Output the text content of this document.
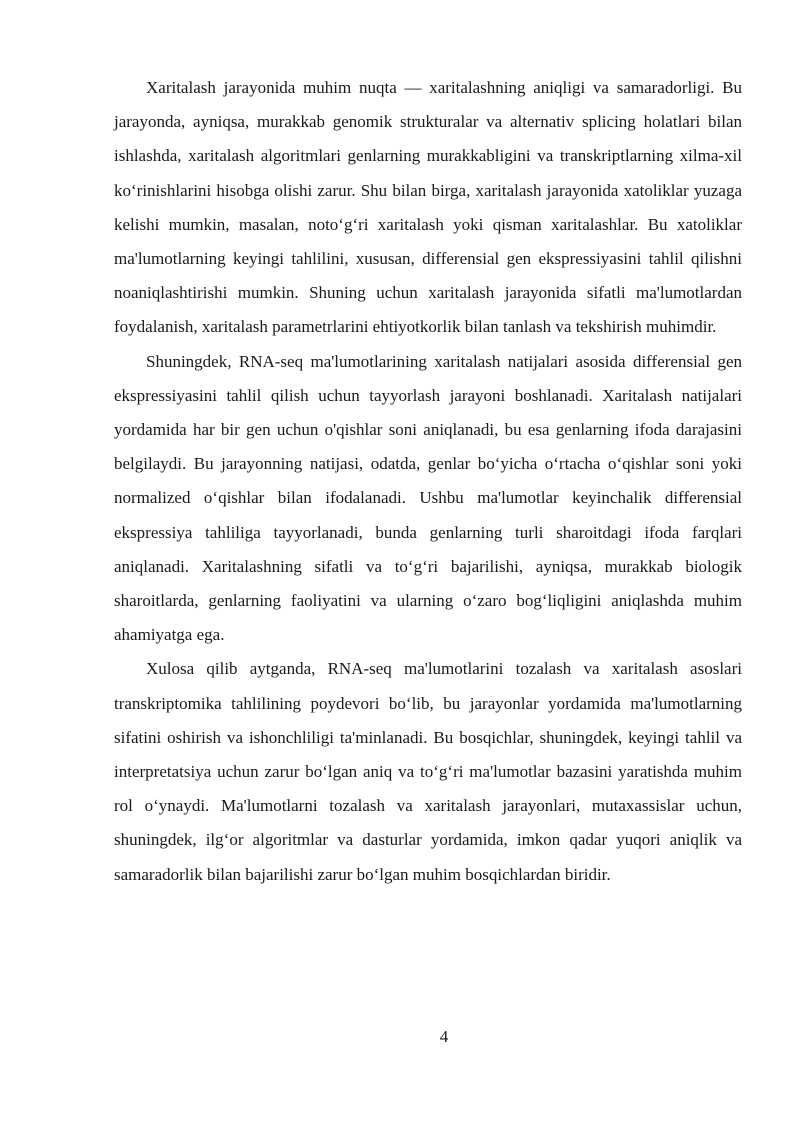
Xaritalash jarayonida muhim nuqta — xaritalashning aniqligi va samaradorligi. Bu jarayonda, ayniqsa, murakkab genomik strukturalar va alternativ splicing holatlari bilan ishlashda, xaritalash algoritmlari genlarning murakkabligini va transkriptlarning xilma-xil koʻrinishlarini hisobga olishi zarur. Shu bilan birga, xaritalash jarayonida xatoliklar yuzaga kelishi mumkin, masalan, notoʻgʻri xaritalash yoki qisman xaritalashlar. Bu xatoliklar ma'lumotlarning keyingi tahlilini, xususan, differensial gen ekspressiyasini tahlil qilishni noaniqlashtirishi mumkin. Shuning uchun xaritalash jarayonida sifatli ma'lumotlardan foydalanish, xaritalash parametrlarini ehtiyotkorlik bilan tanlash va tekshirish muhimdir.

Shuningdek, RNA-seq ma'lumotlarining xaritalash natijalari asosida differensial gen ekspressiyasini tahlil qilish uchun tayyorlash jarayoni boshlanadi. Xaritalash natijalari yordamida har bir gen uchun o'qishlar soni aniqlanadi, bu esa genlarning ifoda darajasini belgilaydi. Bu jarayonning natijasi, odatda, genlar boʻyicha oʻrtacha oʻqishlar soni yoki normalized oʻqishlar bilan ifodalanadi. Ushbu ma'lumotlar keyinchalik differensial ekspressiya tahliliga tayyorlanadi, bunda genlarning turli sharoitdagi ifoda farqlari aniqlanadi. Xaritalashning sifatli va toʻgʻri bajarilishi, ayniqsa, murakkab biologik sharoitlarda, genlarning faoliyatini va ularning oʻzaro bogʻliqligini aniqlashda muhim ahamiyatga ega.

Xulosa qilib aytganda, RNA-seq ma'lumotlarini tozalash va xaritalash asoslari transkriptomika tahlilining poydevori boʻlib, bu jarayonlar yordamida ma'lumotlarning sifatini oshirish va ishonchliligi ta'minlanadi. Bu bosqichlar, shuningdek, keyingi tahlil va interpretatsiya uchun zarur boʻlgan aniq va toʻgʻri ma'lumotlar bazasini yaratishda muhim rol oʻynaydi. Ma'lumotlarni tozalash va xaritalash jarayonlari, mutaxassislar uchun, shuningdek, ilgʻor algoritmlar va dasturlar yordamida, imkon qadar yuqori aniqlik va samaradorlik bilan bajarilishi zarur boʻlgan muhim bosqichlardan biridir.

4
